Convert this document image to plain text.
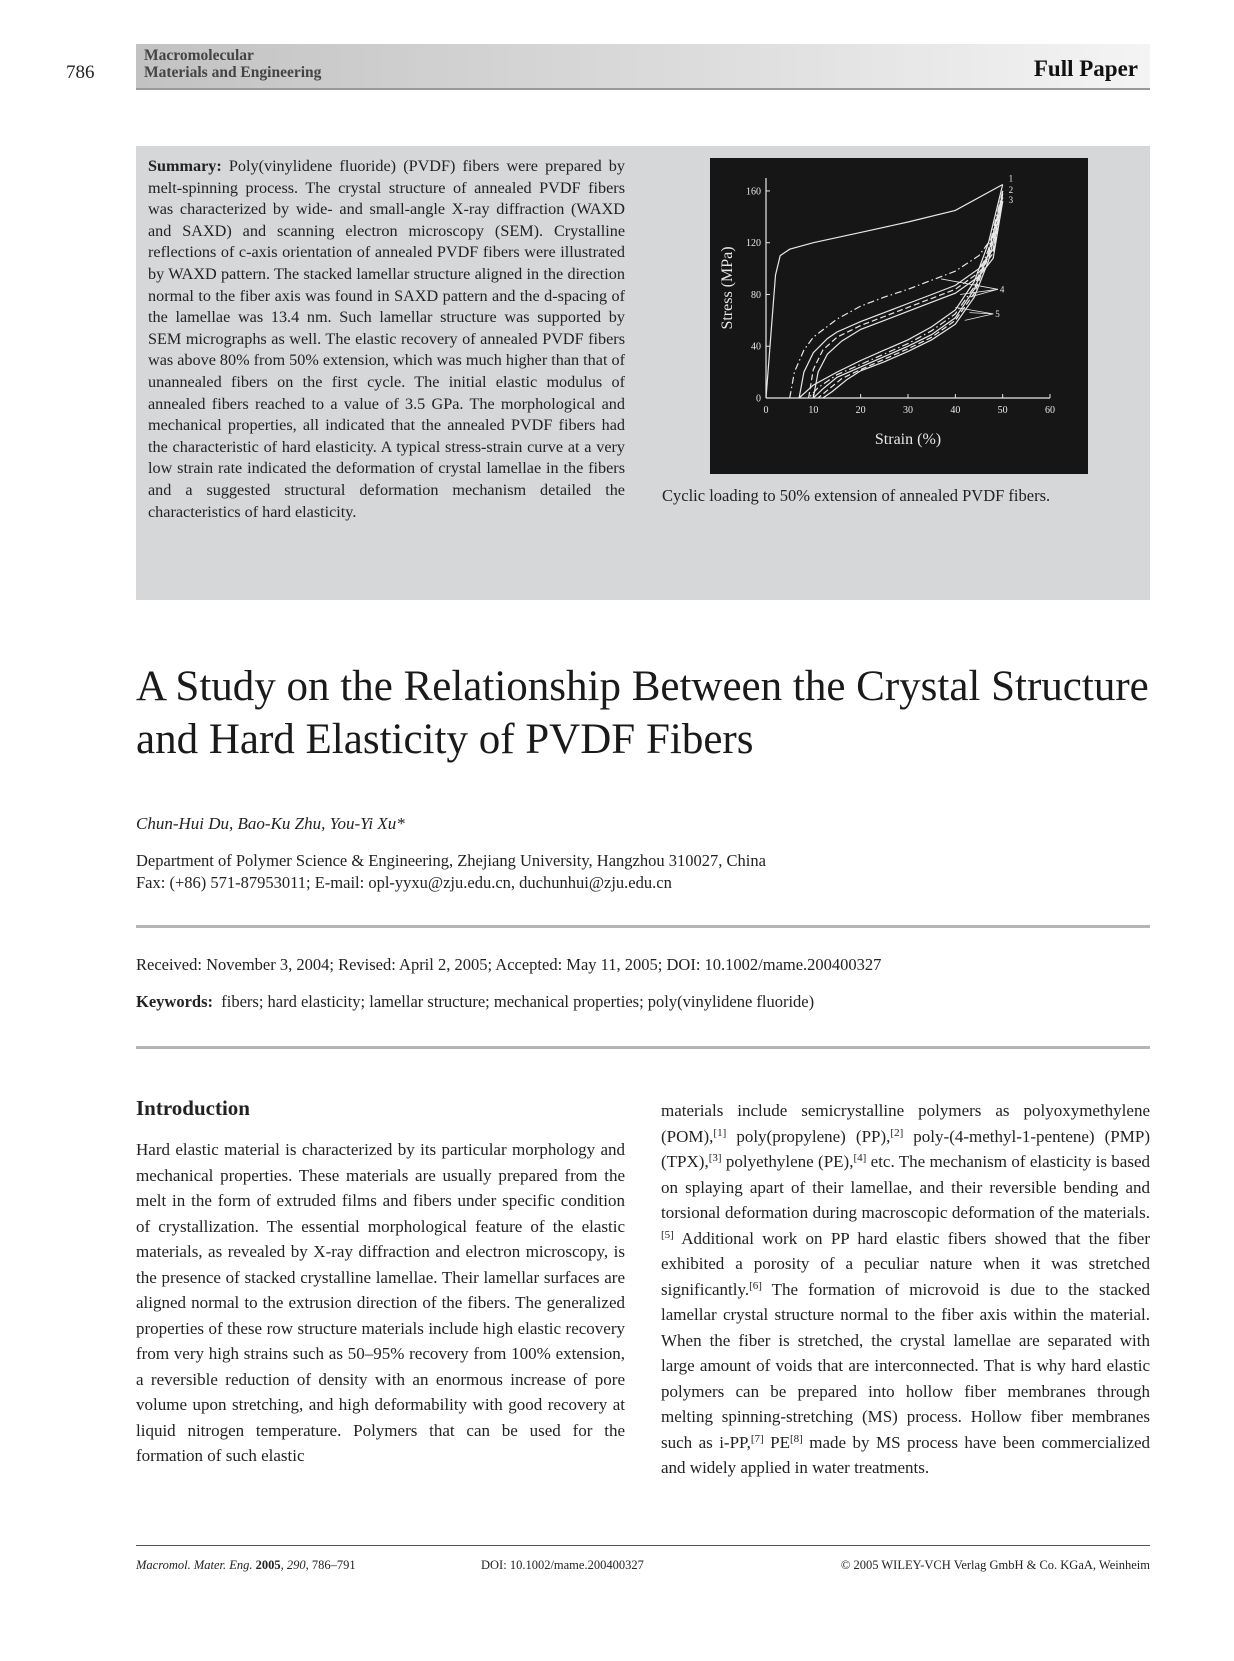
786
Macromolecular
Materials and Engineering	Full Paper
Summary: Poly(vinylidene fluoride) (PVDF) fibers were prepared by melt-spinning process. The crystal structure of annealed PVDF fibers was characterized by wide- and small-angle X-ray diffraction (WAXD and SAXD) and scanning electron microscopy (SEM). Crystalline reflections of c-axis orientation of annealed PVDF fibers were illustrated by WAXD pattern. The stacked lamellar structure aligned in the direction normal to the fiber axis was found in SAXD pattern and the d-spacing of the lamellae was 13.4 nm. Such lamellar structure was supported by SEM micrographs as well. The elastic recovery of annealed PVDF fibers was above 80% from 50% extension, which was much higher than that of unannealed fibers on the first cycle. The initial elastic modulus of annealed fibers reached to a value of 3.5 GPa. The morphological and mechanical properties, all indicated that the annealed PVDF fibers had the characteristic of hard elasticity. A typical stress-strain curve at a very low strain rate indicated the deformation of crystal lamellae in the fibers and a suggested structural deformation mechanism detailed the characteristics of hard elasticity.
0	10	20	30	40	50	60
0
40
80
120
160
Strain (%)
Stress (MPa)
1
2
3
4
5
Cyclic loading to 50% extension of annealed PVDF fibers.
A Study on the Relationship Between the Crystal Structure and Hard Elasticity of PVDF Fibers
Chun-Hui Du, Bao-Ku Zhu, You-Yi Xu*
Department of Polymer Science & Engineering, Zhejiang University, Hangzhou 310027, China
Fax: (+86) 571-87953011; E-mail: opl-yyxu@zju.edu.cn, duchunhui@zju.edu.cn
Received: November 3, 2004; Revised: April 2, 2005; Accepted: May 11, 2005; DOI: 10.1002/mame.200400327
Keywords: fibers; hard elasticity; lamellar structure; mechanical properties; poly(vinylidene fluoride)
Introduction
Hard elastic material is characterized by its particular morphology and mechanical properties. These materials are usually prepared from the melt in the form of extruded films and fibers under specific condition of crystallization. The essential morphological feature of the elastic materials, as revealed by X-ray diffraction and electron microscopy, is the presence of stacked crystalline lamellae. Their lamellar surfaces are aligned normal to the extrusion direction of the fibers. The generalized properties of these row structure materials include high elastic recovery from very high strains such as 50–95% recovery from 100% extension, a reversible reduction of density with an enormous increase of pore volume upon stretching, and high deformability with good recovery at liquid nitrogen temperature. Polymers that can be used for the formation of such elastic
materials include semicrystalline polymers as polyoxymethylene (POM),[1] poly(propylene) (PP),[2] poly-(4-methyl-1-pentene) (PMP) (TPX),[3] polyethylene (PE),[4] etc. The mechanism of elasticity is based on splaying apart of their lamellae, and their reversible bending and torsional deformation during macroscopic deformation of the materials.[5] Additional work on PP hard elastic fibers showed that the fiber exhibited a porosity of a peculiar nature when it was stretched significantly.[6] The formation of microvoid is due to the stacked lamellar crystal structure normal to the fiber axis within the material. When the fiber is stretched, the crystal lamellae are separated with large amount of voids that are interconnected. That is why hard elastic polymers can be prepared into hollow fiber membranes through melting spinning-stretching (MS) process. Hollow fiber membranes such as i-PP,[7] PE[8] made by MS process have been commercialized and widely applied in water treatments.
Macromol. Mater. Eng. 2005, 290, 786–791	DOI: 10.1002/mame.200400327	© 2005 WILEY-VCH Verlag GmbH & Co. KGaA, Weinheim
